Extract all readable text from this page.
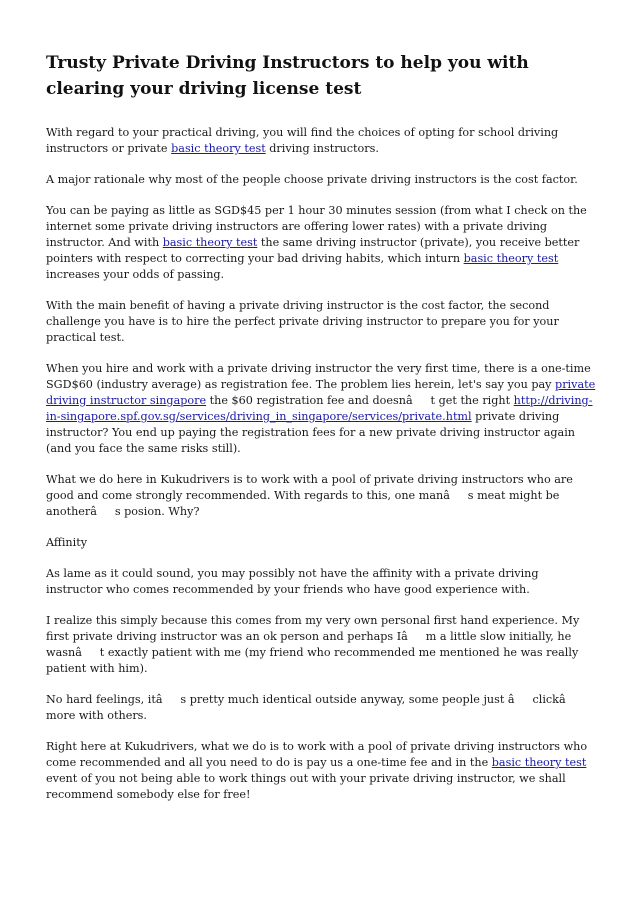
Trusty Private Driving Instructors to help you with clearing your driving license test

With regard to your practical driving, you will find the choices of opting for school driving instructors or private basic theory test driving instructors.

A major rationale why most of the people choose private driving instructors is the cost factor.

You can be paying as little as SGD$45 per 1 hour 30 minutes session (from what I check on the internet some private driving instructors are offering lower rates) with a private driving instructor. And with basic theory test the same driving instructor (private), you receive better pointers with respect to correcting your bad driving habits, which inturn basic theory test increases your odds of passing.

With the main benefit of having a private driving instructor is the cost factor, the second challenge you have is to hire the perfect private driving instructor to prepare you for your practical test.

When you hire and work with a private driving instructor the very first time, there is a one-time SGD$60 (industry average) as registration fee. The problem lies herein, let's say you pay private driving instructor singapore the $60 registration fee and doesnât get the right http://driving-in-singapore.spf.gov.sg/services/driving_in_singapore/services/private.html private driving instructor? You end up paying the registration fees for a new private driving instructor again (and you face the same risks still).

What we do here in Kukudrivers is to work with a pool of private driving instructors who are good and come strongly recommended. With regards to this, one manâs meat might be anotherâs posion. Why?

Affinity

As lame as it could sound, you may possibly not have the affinity with a private driving instructor who comes recommended by your friends who have good experience with.

I realize this simply because this comes from my very own personal first hand experience. My first private driving instructor was an ok person and perhaps Iâm a little slow initially, he wasnât exactly patient with me (my friend who recommended me mentioned he was really patient with him).

No hard feelings, itâs pretty much identical outside anyway, some people just âclickâ more with others.

Right here at Kukudrivers, what we do is to work with a pool of private driving instructors who come recommended and all you need to do is pay us a one-time fee and in the basic theory test event of you not being able to work things out with your private driving instructor, we shall recommend somebody else for free!
